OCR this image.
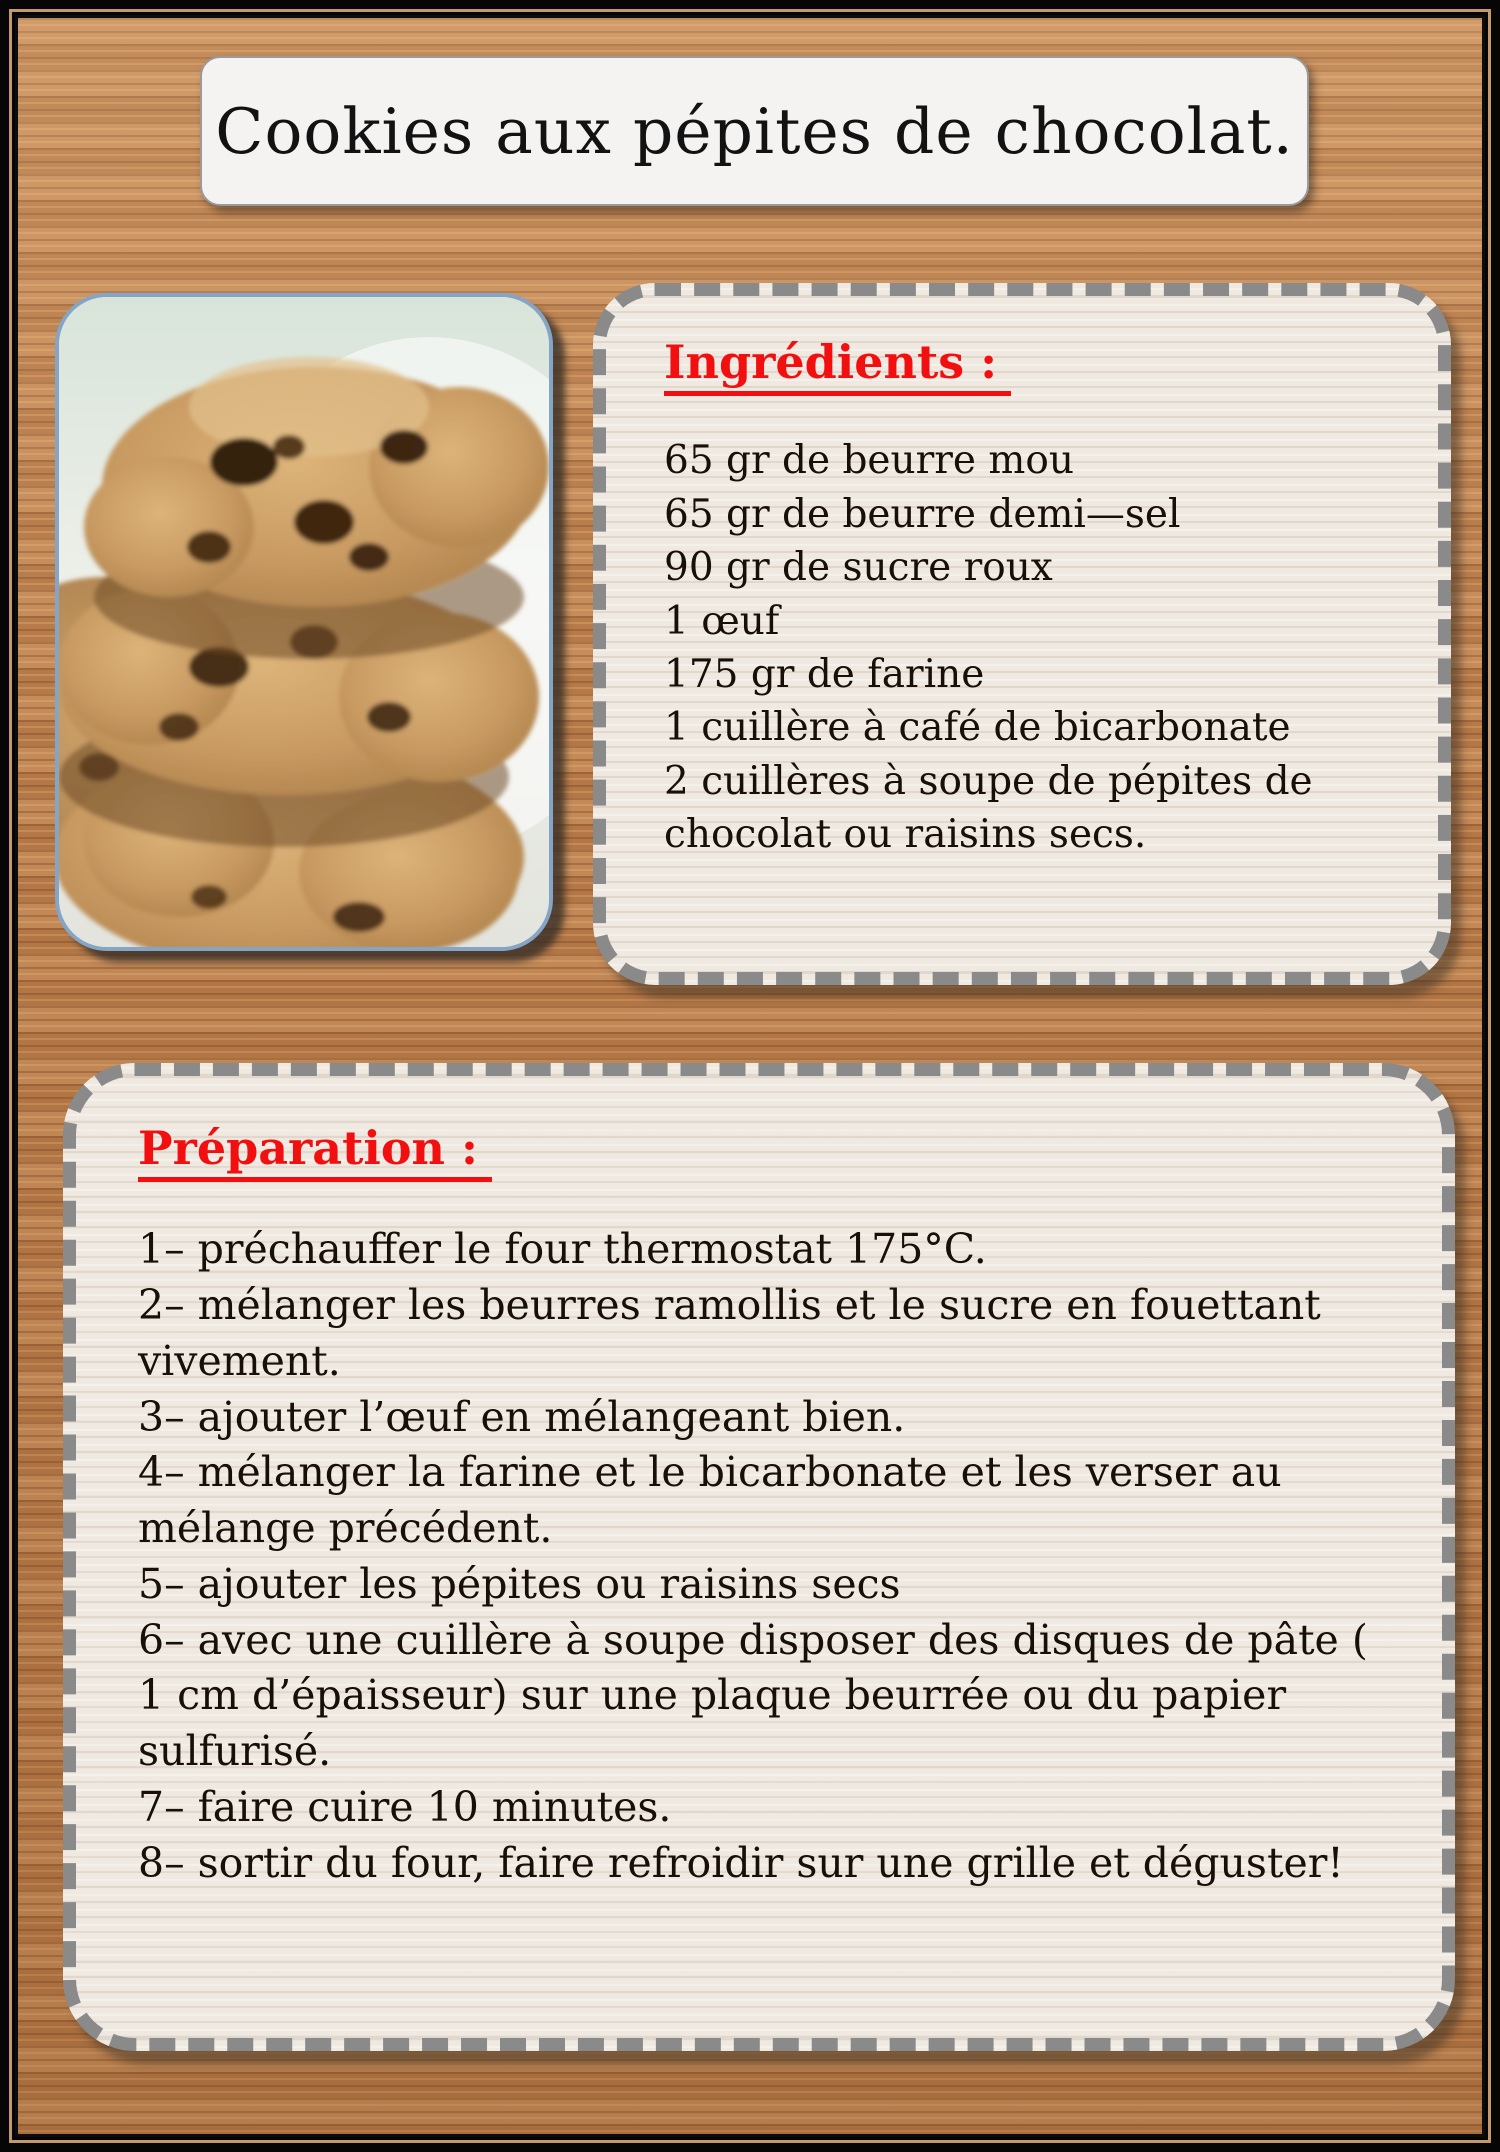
Cookies aux pépites de chocolat.
Ingrédients :
65 gr de beurre mou
65 gr de beurre demi—sel
90 gr de sucre roux
1 œuf
175 gr de farine
1 cuillère à café de bicarbonate
2 cuillères à soupe de pépites de chocolat ou raisins secs.
Préparation :
1– préchauffer le four thermostat 175°C.
2– mélanger les beurres ramollis et le sucre en fouettant vivement.
3– ajouter l’œuf en mélangeant bien.
4– mélanger la farine et le bicarbonate et les verser au mélange précédent.
5– ajouter les pépites ou raisins secs
6– avec une cuillère à soupe disposer des disques de pâte ( 1 cm d’épaisseur) sur une plaque beurrée ou du papier sulfurisé.
7– faire cuire 10 minutes.
8– sortir du four, faire refroidir sur une grille et déguster!
